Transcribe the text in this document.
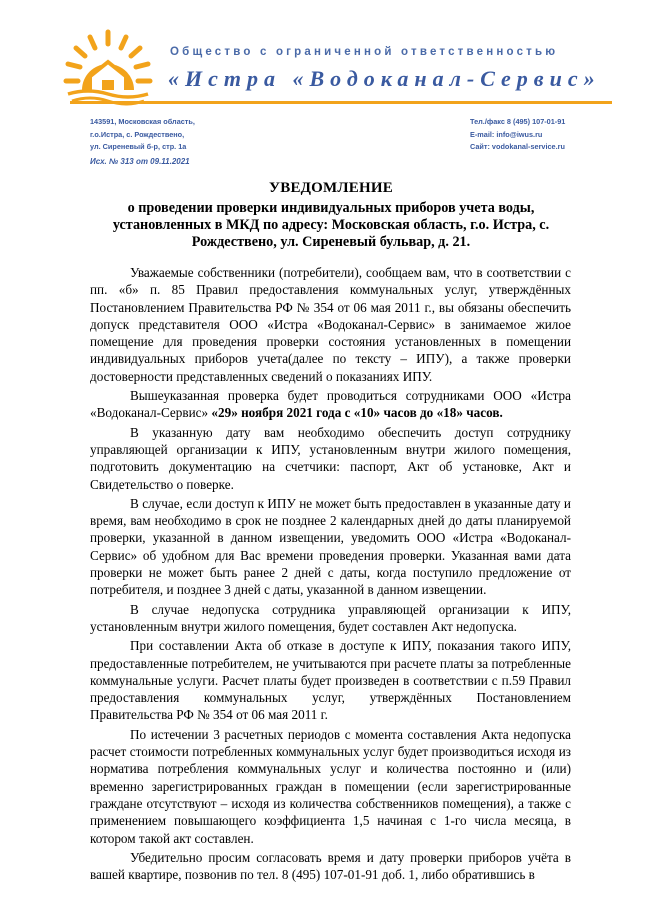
Общество с ограниченной ответственностью
«Истра «Водоканал-Сервис»
143591, Московская область,
г.о.Истра, с. Рождествено,
ул. Сиреневый б-р, стр. 1а
Тел./факс 8 (495) 107-01-91
E-mail: info@iwus.ru
Сайт: vodokanal-service.ru
Исх. № 313 от 09.11.2021
УВЕДОМЛЕНИЕ
о проведении проверки индивидуальных приборов учета воды, установленных в МКД по адресу: Московская область, г.о. Истра, с. Рождествено, ул. Сиреневый бульвар, д. 21.

Уважаемые собственники (потребители), сообщаем вам, что в соответствии с пп. «б» п. 85 Правил предоставления коммунальных услуг, утверждённых Постановлением Правительства РФ № 354 от 06 мая 2011 г., вы обязаны обеспечить допуск представителя ООО «Истра «Водоканал-Сервис» в занимаемое жилое помещение для проведения проверки состояния установленных в помещении индивидуальных приборов учета(далее по тексту – ИПУ), а также проверки достоверности представленных сведений о показаниях ИПУ.

Вышеуказанная проверка будет проводиться сотрудниками ООО «Истра «Водоканал-Сервис» «29» ноября 2021 года с «10» часов до «18» часов.

В указанную дату вам необходимо обеспечить доступ сотруднику управляющей организации к ИПУ, установленным внутри жилого помещения, подготовить документацию на счетчики: паспорт, Акт об установке, Акт и Свидетельство о поверке.

В случае, если доступ к ИПУ не может быть предоставлен в указанные дату и время, вам необходимо в срок не позднее 2 календарных дней до даты планируемой проверки, указанной в данном извещении, уведомить ООО «Истра «Водоканал-Сервис» об удобном для Вас времени проведения проверки. Указанная вами дата проверки не может быть ранее 2 дней с даты, когда поступило предложение от потребителя, и позднее 3 дней с даты, указанной в данном извещении.

В случае недопуска сотрудника управляющей организации к ИПУ, установленным внутри жилого помещения, будет составлен Акт недопуска.

При составлении Акта об отказе в доступе к ИПУ, показания такого ИПУ, предоставленные потребителем, не учитываются при расчете платы за потребленные коммунальные услуги. Расчет платы будет произведен в соответствии с п.59 Правил предоставления коммунальных услуг, утверждённых Постановлением Правительства РФ № 354 от 06 мая 2011 г.

По истечении 3 расчетных периодов с момента составления Акта недопуска расчет стоимости потребленных коммунальных услуг будет производиться исходя из норматива потребления коммунальных услуг и количества постоянно и (или) временно зарегистрированных граждан в помещении (если зарегистрированные граждане отсутствуют – исходя из количества собственников помещения), а также с применением повышающего коэффициента 1,5 начиная с 1-го числа месяца, в котором такой акт составлен.

Убедительно просим согласовать время и дату проверки приборов учёта в вашей квартире, позвонив по тел. 8 (495) 107-01-91 доб. 1, либо обратившись в
